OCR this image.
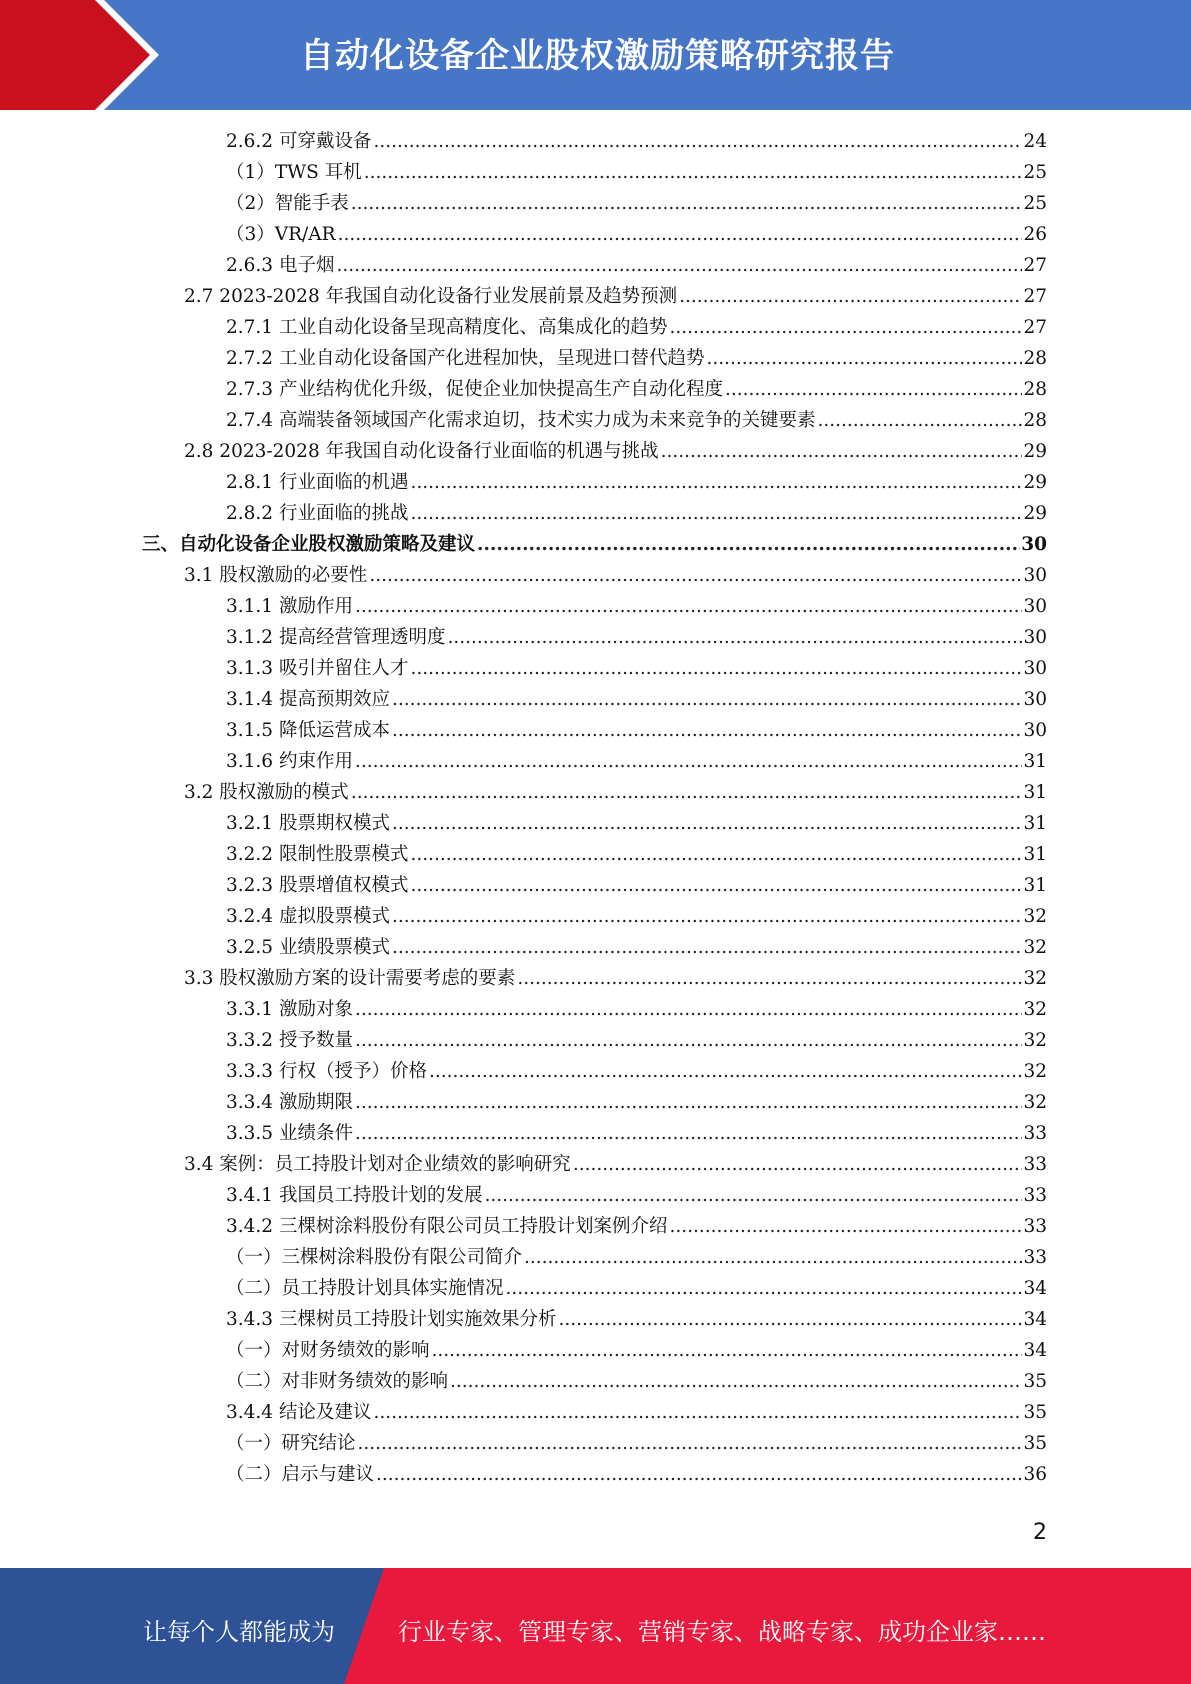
自动化设备企业股权激励策略研究报告
2.6.2 可穿戴设备 .....	24
（1）TWS 耳机 .....	25
（2）智能手表 .....	25
（3）VR/AR .....	26
2.6.3 电子烟 .....	27
2.7 2023-2028 年我国自动化设备行业发展前景及趋势预测 .....	27
2.7.1 工业自动化设备呈现高精度化、高集成化的趋势 .....	27
2.7.2 工业自动化设备国产化进程加快，呈现进口替代趋势 .....	28
2.7.3 产业结构优化升级，促使企业加快提高生产自动化程度 .....	28
2.7.4 高端装备领域国产化需求迫切，技术实力成为未来竞争的关键要素 .....	28
2.8 2023-2028 年我国自动化设备行业面临的机遇与挑战 .....	29
2.8.1 行业面临的机遇 .....	29
2.8.2 行业面临的挑战 .....	29
三、自动化设备企业股权激励策略及建议 .....	30
3.1 股权激励的必要性 .....	30
3.1.1 激励作用 .....	30
3.1.2 提高经营管理透明度 .....	30
3.1.3 吸引并留住人才 .....	30
3.1.4 提高预期效应 .....	30
3.1.5 降低运营成本 .....	30
3.1.6 约束作用 .....	31
3.2 股权激励的模式 .....	31
3.2.1 股票期权模式 .....	31
3.2.2 限制性股票模式 .....	31
3.2.3 股票增值权模式 .....	31
3.2.4 虚拟股票模式 .....	32
3.2.5 业绩股票模式 .....	32
3.3 股权激励方案的设计需要考虑的要素 .....	32
3.3.1 激励对象 .....	32
3.3.2 授予数量 .....	32
3.3.3 行权（授予）价格 .....	32
3.3.4 激励期限 .....	32
3.3.5 业绩条件 .....	33
3.4 案例：员工持股计划对企业绩效的影响研究 .....	33
3.4.1 我国员工持股计划的发展 .....	33
3.4.2 三棵树涂料股份有限公司员工持股计划案例介绍 .....	33
（一）三棵树涂料股份有限公司简介 .....	33
（二）员工持股计划具体实施情况 .....	34
3.4.3 三棵树员工持股计划实施效果分析 .....	34
（一）对财务绩效的影响 .....	34
（二）对非财务绩效的影响 .....	35
3.4.4 结论及建议 .....	35
（一）研究结论 .....	35
（二）启示与建议 .....	36
2
让每个人都能成为	行业专家、管理专家、营销专家、战略专家、成功企业家……
